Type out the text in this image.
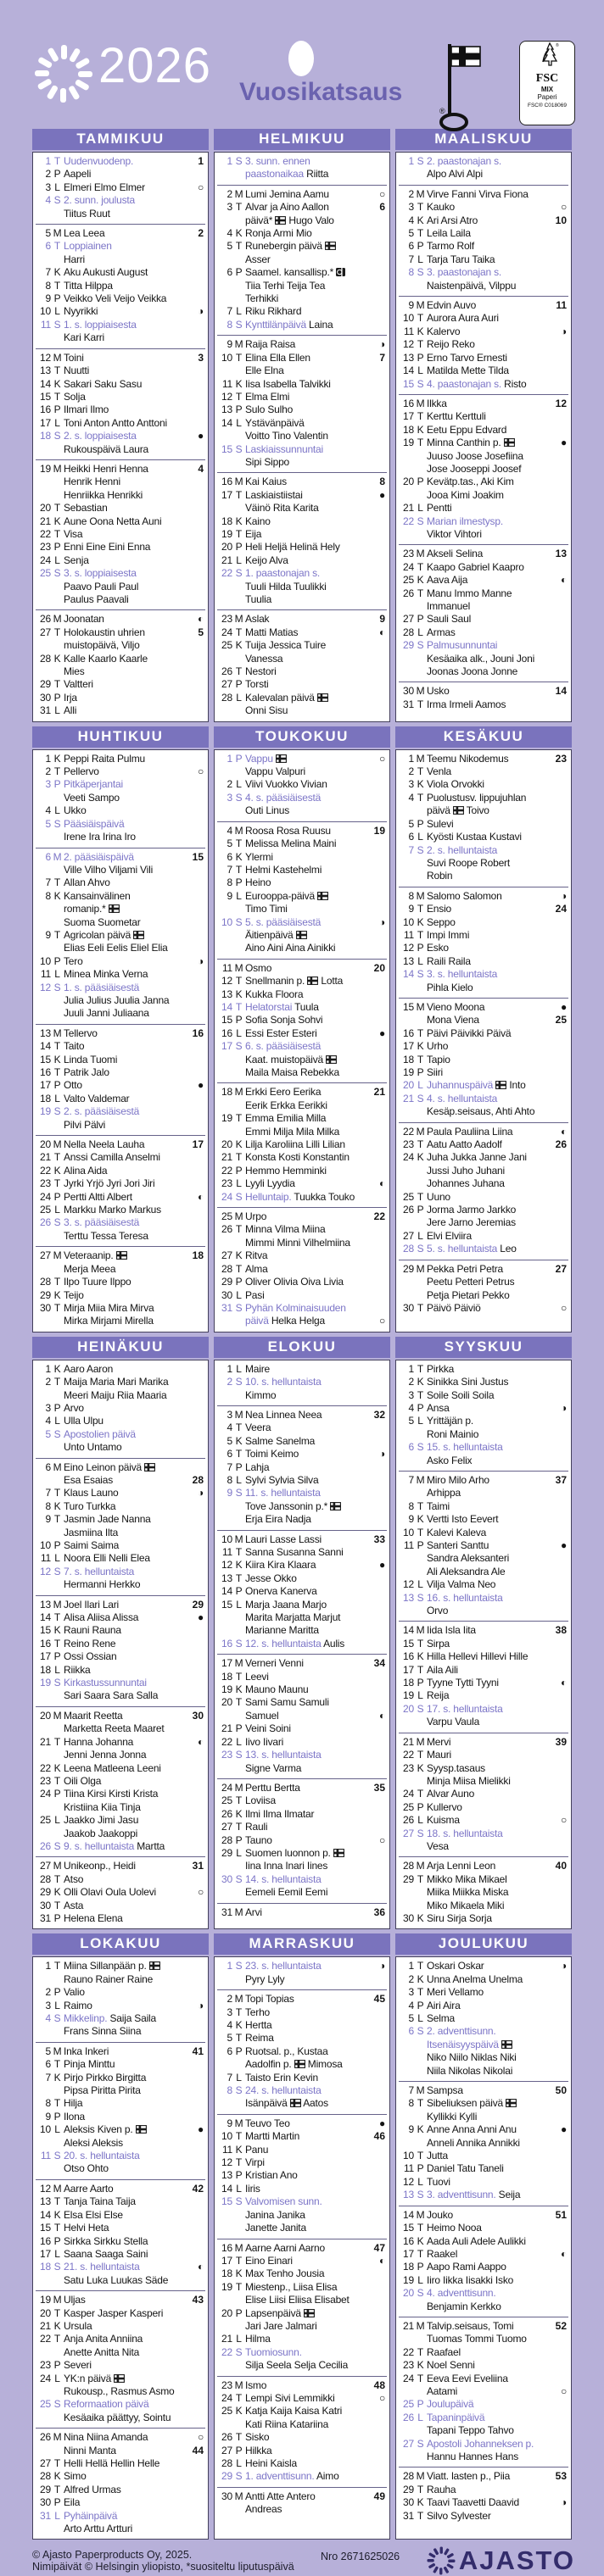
2026 Vuosikatsaus
®
®
FSC
MIX
Paperi
FSC® C018069
TAMMIKUU
1 T Uudenvuodenp.	1
2 P Aapeli
3 L Elmeri Elmo Elmer	○
4 S 2. sunn. joulusta
Tiitus Ruut
5 M Lea Leea	2
6 T Loppiainen
Harri
7 K Aku Aukusti August
8 T Titta Hilppa
9 P Veikko Veli Veijo Veikka
10 L Nyyrikki	◑
11 S 1. s. loppiaisesta
Kari Karri
12 M Toini	3
13 T Nuutti
14 K Sakari Saku Sasu
15 T Solja
16 P Ilmari Ilmo
17 L Toni Anton Antto Anttoni
18 S 2. s. loppiaisesta	●
Rukouspäivä Laura
19 M Heikki Henri Henna	4
Henrik Henni
Henriikka Henrikki
20 T Sebastian
21 K Aune Oona Netta Auni
22 T Visa
23 P Enni Eine Eini Enna
24 L Senja
25 S 3. s. loppiaisesta
Paavo Pauli Paul
Paulus Paavali
26 M Joonatan	◐
27 T Holokaustin uhrien	5
muistopäivä, Viljo
28 K Kalle Kaarlo Kaarle
Mies
29 T Valtteri
30 P Irja
31 L Alli
HELMIKUU
1 S 3. sunn. ennen
paastonaikaa Riitta
2 M Lumi Jemina Aamu	○
3 T Alvar ja Aino Aallon	6
päivä*  Hugo Valo
4 K Ronja Armi Mio
5 T Runebergin päivä
Asser
6 P Saamel. kansallisp.*
Tiia Terhi Teija Tea
Terhikki
7 L Riku Rikhard
8 S Kynttilänpäivä Laina
9 M Raija Raisa	◑
10 T Elina Ella Ellen	7
Elle Elna
11 K Iisa Isabella Talvikki
12 T Elma Elmi
13 P Sulo Sulho
14 L Ystävänpäivä
Voitto Tino Valentin
15 S Laskiaissunnuntai
Sipi Sippo
16 M Kai Kaius	8
17 T Laskiaistiistai	●
Väinö Rita Karita
18 K Kaino
19 T Eija
20 P Heli Heljä Helinä Hely
21 L Keijo Alva
22 S 1. paastonajan s.
Tuuli Hilda Tuulikki
Tuulia
23 M Aslak	9
24 T Matti Matias	◐
25 K Tuija Jessica Tuire
Vanessa
26 T Nestori
27 P Torsti
28 L Kalevalan päivä
Onni Sisu
MAALISKUU
1 S 2. paastonajan s.
Alpo Alvi Alpi
2 M Virve Fanni Virva Fiona
3 T Kauko	○
4 K Ari Arsi Atro	10
5 T Leila Laila
6 P Tarmo Rolf
7 L Tarja Taru Taika
8 S 3. paastonajan s.
Naistenpäivä, Vilppu
9 M Edvin Auvo	11
10 T Aurora Aura Auri
11 K Kalervo	◑
12 T Reijo Reko
13 P Erno Tarvo Ernesti
14 L Matilda Mette Tilda
15 S 4. paastonajan s. Risto
16 M Ilkka	12
17 T Kerttu Kerttuli
18 K Eetu Eppu Edvard
19 T Minna Canthin p.	●
Juuso Joose Josefiina
Jose Jooseppi Joosef
20 P Kevätp.tas., Aki Kim
Jooa Kimi Joakim
21 L Pentti
22 S Marian ilmestysp.
Viktor Vihtori
23 M Akseli Selina	13
24 T Kaapo Gabriel Kaapro
25 K Aava Aija	◐
26 T Manu Immo Manne
Immanuel
27 P Sauli Saul
28 L Armas
29 S Palmusunnuntai
Kesäaika alk., Jouni Joni
Joonas Joona Jonne
30 M Usko	14
31 T Irma Irmeli Aamos
HUHTIKUU
1 K Peppi Raita Pulmu
2 T Pellervo	○
3 P Pitkäperjantai
Veeti Sampo
4 L Ukko
5 S Pääsiäispäivä
Irene Ira Irina Iro
6 M 2. pääsiäispäivä	15
Ville Vilho Viljami Vili
7 T Allan Ahvo
8 K Kansainvälinen
romanip.*
Suoma Suometar
9 T Agricolan päivä
Elias Eeli Eelis Eliel Elia
10 P Tero	◑
11 L Minea Minka Verna
12 S 1. s. pääsiäisestä
Julia Julius Juulia Janna
Juuli Janni Juliaana
13 M Tellervo	16
14 T Taito
15 K Linda Tuomi
16 T Patrik Jalo
17 P Otto	●
18 L Valto Valdemar
19 S 2. s. pääsiäisestä
Pilvi Pälvi
20 M Nella Neela Lauha	17
21 T Anssi Camilla Anselmi
22 K Alina Aida
23 T Jyrki Yrjö Jyri Jori Jiri
24 P Pertti Altti Albert	◐
25 L Markku Marko Markus
26 S 3. s. pääsiäisestä
Terttu Tessa Teresa
27 M Veteraanip.	18
Merja Meea
28 T Ilpo Tuure Ilppo
29 K Teijo
30 T Mirja Miia Mira Mirva
Mirka Mirjami Mirella
TOUKOKUU
1 P Vappu	○
Vappu Valpuri
2 L Viivi Vuokko Vivian
3 S 4. s. pääsiäisestä
Outi Linus
4 M Roosa Rosa Ruusu	19
5 T Melissa Melina Maini
6 K Ylermi
7 T Helmi Kastehelmi
8 P Heino
9 L Eurooppa-päivä
Timo Timi
10 S 5. s. pääsiäisestä	◑
Äitienpäivä
Aino Aini Aina Ainikki
11 M Osmo	20
12 T Snellmanin p.  Lotta
13 K Kukka Floora
14 T Helatorstai Tuula
15 P Sofia Sonja Sohvi
16 L Essi Ester Esteri	●
17 S 6. s. pääsiäisestä
Kaat. muistopäivä
Maila Maisa Rebekka
18 M Erkki Eero Eerika	21
Eerik Erkka Eerikki
19 T Emma Emilia Milla
Emmi Milja Mila Milka
20 K Lilja Karoliina Lilli Lilian
21 T Konsta Kosti Konstantin
22 P Hemmo Hemminki
23 L Lyyli Lyydia	◐
24 S Helluntaip. Tuukka Touko
25 M Urpo	22
26 T Minna Vilma Miina
Mimmi Minni Vilhelmiina
27 K Ritva
28 T Alma
29 P Oliver Olivia Oiva Livia
30 L Pasi
31 S Pyhän Kolminaisuuden
päivä Helka Helga	○
KESÄKUU
1 M Teemu Nikodemus	23
2 T Venla
3 K Viola Orvokki
4 T Puolustusv. lippujuhlan
päivä  Toivo
5 P Sulevi
6 L Kyösti Kustaa Kustavi
7 S 2. s. helluntaista
Suvi Roope Robert
Robin
8 M Salomo Salomon	◑
9 T Ensio	24
10 K Seppo
11 T Impi Immi
12 P Esko
13 L Raili Raila
14 S 3. s. helluntaista
Pihla Kielo
15 M Vieno Moona	●
Mona Viena	25
16 T Päivi Päivikki Päivä
17 K Urho
18 T Tapio
19 P Siiri
20 L Juhannuspäivä  Into
21 S 4. s. helluntaista
Kesäp.seisaus, Ahti Ahto
22 M Paula Pauliina Liina	◐
23 T Aatu Aatto Aadolf	26
24 K Juha Jukka Janne Jani
Jussi Juho Juhani
Johannes Juhana
25 T Uuno
26 P Jorma Jarmo Jarkko
Jere Jarno Jeremias
27 L Elvi Elviira
28 S 5. s. helluntaista Leo
29 M Pekka Petri Petra	27
Peetu Petteri Petrus
Petja Pietari Pekko
30 T Päivö Päiviö	○
HEINÄKUU
1 K Aaro Aaron
2 T Maija Maria Mari Marika
Meeri Maiju Riia Maaria
3 P Arvo
4 L Ulla Ulpu
5 S Apostolien päivä
Unto Untamo
6 M Eino Leinon päivä
Esa Esaias	28
7 T Klaus Launo	◑
8 K Turo Turkka
9 T Jasmin Jade Nanna
Jasmiina Ilta
10 P Saimi Saima
11 L Noora Elli Nelli Elea
12 S 7. s. helluntaista
Hermanni Herkko
13 M Joel Ilari Lari	29
14 T Alisa Aliisa Alissa	●
15 K Rauni Rauna
16 T Reino Rene
17 P Ossi Ossian
18 L Riikka
19 S Kirkastussunnuntai
Sari Saara Sara Salla
20 M Maarit Reetta	30
Marketta Reeta Maaret
21 T Hanna Johanna	◐
Jenni Jenna Jonna
22 K Leena Matleena Leeni
23 T Oili Olga
24 P Tiina Kirsi Kirsti Krista
Kristiina Kiia Tinja
25 L Jaakko Jimi Jasu
Jaakob Jaakoppi
26 S 9. s. helluntaista Martta
27 M Unikeonp., Heidi	31
28 T Atso
29 K Olli Olavi Oula Uolevi	○
30 T Asta
31 P Helena Elena
ELOKUU
1 L Maire
2 S 10. s. helluntaista
Kimmo
3 M Nea Linnea Neea	32
4 T Veera
5 K Salme Sanelma
6 T Toimi Keimo	◑
7 P Lahja
8 L Sylvi Sylvia Silva
9 S 11. s. helluntaista
Tove Janssonin p.*
Erja Eira Nadja
10 M Lauri Lasse Lassi	33
11 T Sanna Susanna Sanni
12 K Kiira Kira Klaara	●
13 T Jesse Okko
14 P Onerva Kanerva
15 L Marja Jaana Marjo
Marita Marjatta Marjut
Marianne Maritta
16 S 12. s. helluntaista Aulis
17 M Verneri Venni	34
18 T Leevi
19 K Mauno Maunu
20 T Sami Samu Samuli
Samuel	◐
21 P Veini Soini
22 L Iivo Iivari
23 S 13. s. helluntaista
Signe Varma
24 M Perttu Bertta	35
25 T Loviisa
26 K Ilmi Ilma Ilmatar
27 T Rauli
28 P Tauno	○
29 L Suomen luonnon p.
Iina Inna Inari Iines
30 S 14. s. helluntaista
Eemeli Eemil Eemi
31 M Arvi	36
SYYSKUU
1 T Pirkka
2 K Sinikka Sini Justus
3 T Soile Soili Soila
4 P Ansa	◑
5 L Yrittäjän p.
Roni Mainio
6 S 15. s. helluntaista
Asko Felix
7 M Miro Milo Arho	37
Arhippa
8 T Taimi
9 K Vertti Isto Eevert
10 T Kalevi Kaleva
11 P Santeri Santtu	●
Sandra Aleksanteri
Ali Aleksandra Ale
12 L Vilja Valma Neo
13 S 16. s. helluntaista
Orvo
14 M Iida Isla Iita	38
15 T Sirpa
16 K Hilla Hellevi Hillevi Hille
17 T Aila Aili
18 P Tyyne Tytti Tyyni	◐
19 L Reija
20 S 17. s. helluntaista
Varpu Vaula
21 M Mervi	39
22 T Mauri
23 K Syysp.tasaus
Minja Miisa Mielikki
24 T Alvar Auno
25 P Kullervo
26 L Kuisma	○
27 S 18. s. helluntaista
Vesa
28 M Arja Lenni Leon	40
29 T Mikko Mika Mikael
Miika Miikka Miska
Miko Mikaela Miki
30 K Siru Sirja Sorja
LOKAKUU
1 T Miina Sillanpään p.
Rauno Rainer Raine
2 P Valio
3 L Raimo	◑
4 S Mikkelinp. Saija Saila
Frans Sinna Siina
5 M Inka Inkeri	41
6 T Pinja Minttu
7 K Pirjo Pirkko Birgitta
Pipsa Piritta Pirita
8 T Hilja
9 P Ilona
10 L Aleksis Kiven p.	●
Aleksi Aleksis
11 S 20. s. helluntaista
Otso Ohto
12 M Aarre Aarto	42
13 T Tanja Taina Taija
14 K Elsa Elsi Else
15 T Helvi Heta
16 P Sirkka Sirkku Stella
17 L Saana Saaga Saini
18 S 21. s. helluntaista	◐
Satu Luka Luukas Säde
19 M Uljas	43
20 T Kasper Jasper Kasperi
21 K Ursula
22 T Anja Anita Anniina
Anette Anitta Nita
23 P Severi
24 L YK:n päivä
Rukousp., Rasmus Asmo
25 S Reformaation päivä
Kesäaika päättyy, Sointu
26 M Nina Niina Amanda	○
Ninni Manta	44
27 T Helli Hellä Hellin Helle
28 K Simo
29 T Alfred Urmas
30 P Eila
31 L Pyhäinpäivä
Arto Arttu Artturi
MARRASKUU
1 S 23. s. helluntaista	◑
Pyry Lyly
2 M Topi Topias	45
3 T Terho
4 K Hertta
5 T Reima
6 P Ruotsal. p., Kustaa
Aadolfin p.  Mimosa
7 L Taisto Erin Kevin
8 S 24. s. helluntaista
Isänpäivä  Aatos
9 M Teuvo Teo	●
10 T Martti Martin	46
11 K Panu
12 T Virpi
13 P Kristian Ano
14 L Iiris
15 S Valvomisen sunn.
Janina Janika
Janette Janita
16 M Aarne Aarni Aarno	47
17 T Eino Einari	◐
18 K Max Tenho Jousia
19 T Miestenp., Liisa Elisa
Elise Liisi Eliisa Elisabet
20 P Lapsenpäivä
Jari Jare Jalmari
21 L Hilma
22 S Tuomiosunn.
Silja Seela Selja Cecilia
23 M Ismo	48
24 T Lempi Sivi Lemmikki	○
25 K Katja Kaija Kaisa Katri
Kati Riina Katariina
26 T Sisko
27 P Hilkka
28 L Heini Kaisla
29 S 1. adventtisunn. Aimo
30 M Antti Atte Antero	49
Andreas
JOULUKUU
1 T Oskari Oskar	◑
2 K Unna Anelma Unelma
3 T Meri Vellamo
4 P Airi Aira
5 L Selma
6 S 2. adventtisunn.
Itsenäisyyspäivä
Niko Niilo Niklas Niki
Niila Nikolas Nikolai
7 M Sampsa	50
8 T Sibeliuksen päivä
Kyllikki Kylli
9 K Anne Anna Anni Anu	●
Anneli Annika Annikki
10 T Jutta
11 P Daniel Tatu Taneli
12 L Tuovi
13 S 3. adventtisunn. Seija
14 M Jouko	51
15 T Heimo Nooa
16 K Aada Auli Adele Aulikki
17 T Raakel	◐
18 P Aapo Rami Aappo
19 L Iiro Iikka Iisakki Isko
20 S 4. adventtisunn.
Benjamin Kerkko
21 M Talvip.seisaus, Tomi	52
Tuomas Tommi Tuomo
22 T Raafael
23 K Noel Senni
24 T Eeva Eevi Eveliina
Aatami	○
25 P Joulupäivä
26 L Tapaninpäivä
Tapani Teppo Tahvo
27 S Apostoli Johanneksen p.
Hannu Hannes Hans
28 M Viatt. lasten p., Piia	53
29 T Rauha
30 K Taavi Taavetti Daavid	◑
31 T Silvo Sylvester
© Ajasto Paperproducts Oy, 2025.
Nimipäivät © Helsingin yliopisto, *suositeltu liputuspäivä
Nro 2671625026 AJASTO
